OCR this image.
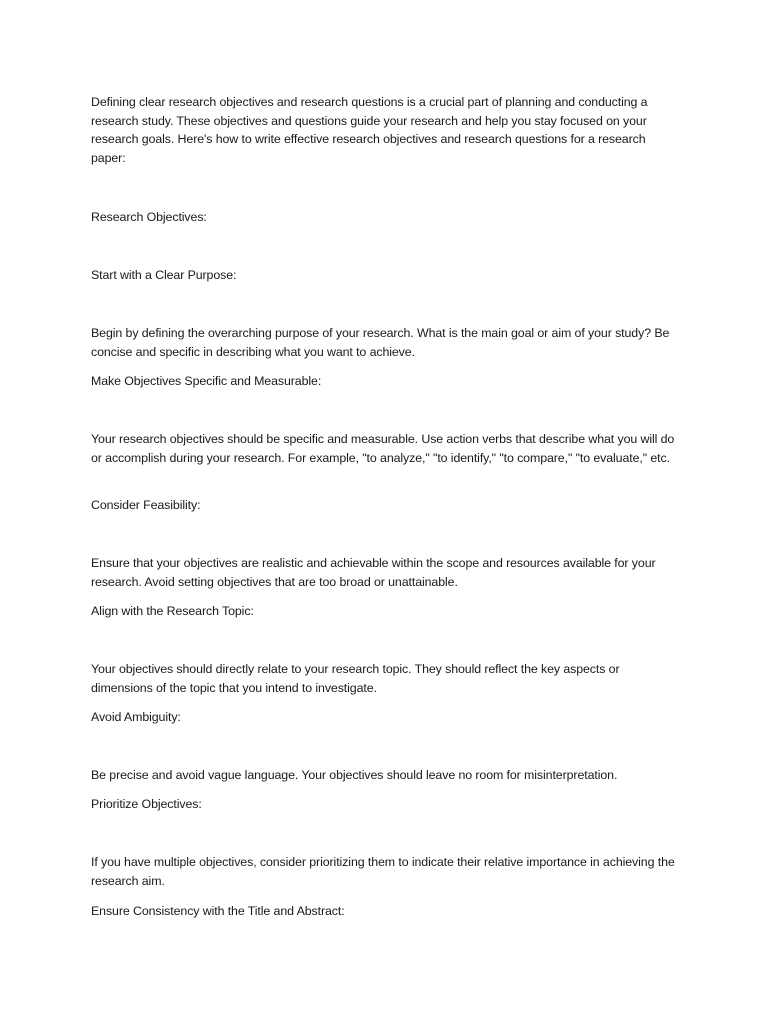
Defining clear research objectives and research questions is a crucial part of planning and conducting a research study. These objectives and questions guide your research and help you stay focused on your research goals. Here's how to write effective research objectives and research questions for a research paper:

Research Objectives:

Start with a Clear Purpose:

Begin by defining the overarching purpose of your research. What is the main goal or aim of your study? Be concise and specific in describing what you want to achieve.

Make Objectives Specific and Measurable:

Your research objectives should be specific and measurable. Use action verbs that describe what you will do or accomplish during your research. For example, "to analyze," "to identify," "to compare," "to evaluate," etc.

Consider Feasibility:

Ensure that your objectives are realistic and achievable within the scope and resources available for your research. Avoid setting objectives that are too broad or unattainable.

Align with the Research Topic:

Your objectives should directly relate to your research topic. They should reflect the key aspects or dimensions of the topic that you intend to investigate.

Avoid Ambiguity:

Be precise and avoid vague language. Your objectives should leave no room for misinterpretation.

Prioritize Objectives:

If you have multiple objectives, consider prioritizing them to indicate their relative importance in achieving the research aim.

Ensure Consistency with the Title and Abstract:
